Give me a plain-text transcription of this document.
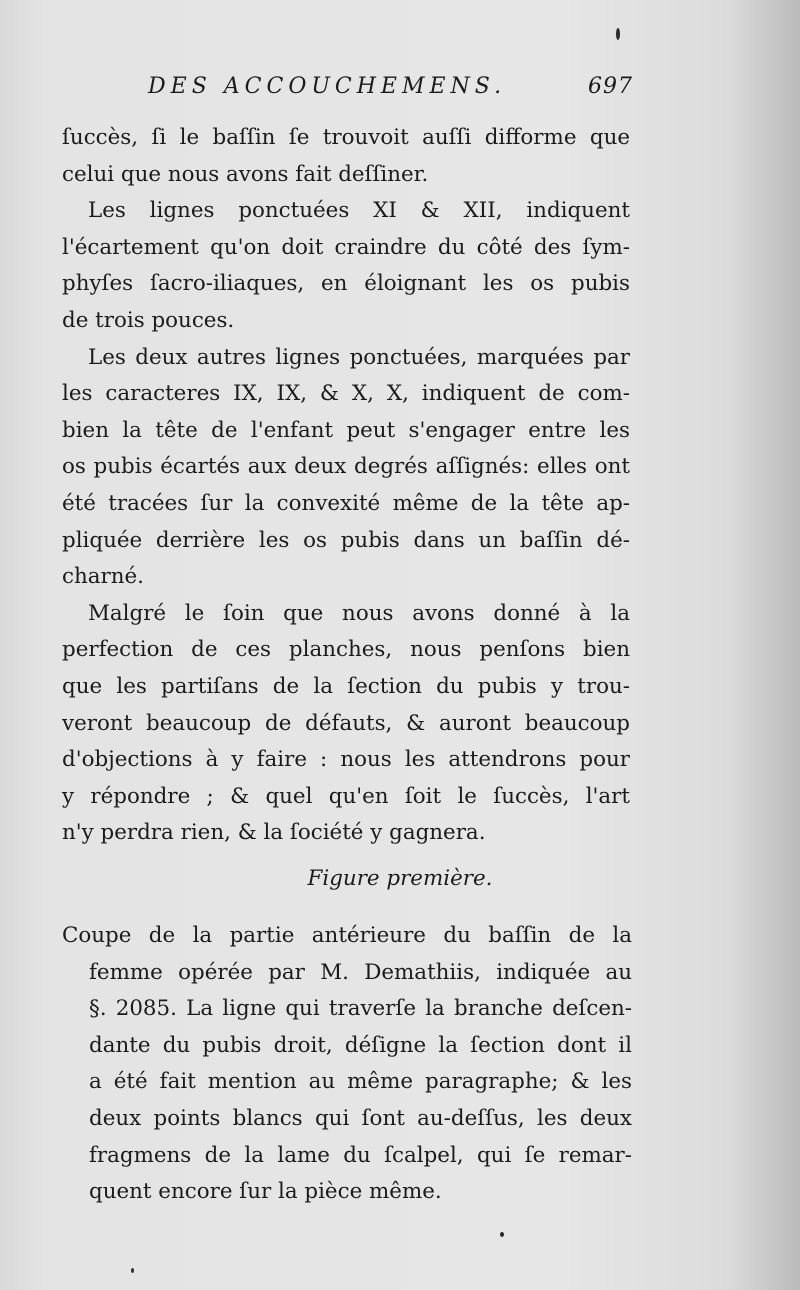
DES ACCOUCHEMENS.	697

ſuccès, ſi le baſſin ſe trouvoit auſſi difforme que
celui que nous avons fait deſſiner.

Les lignes ponctuées XI & XII, indiquent
l'écartement qu'on doit craindre du côté des ſym-
phyſes ſacro-iliaques, en éloignant les os pubis
de trois pouces.

Les deux autres lignes ponctuées, marquées par
les caracteres IX, IX, & X, X, indiquent de com-
bien la tête de l'enfant peut s'engager entre les
os pubis écartés aux deux degrés aſſignés: elles ont
été tracées ſur la convexité même de la tête ap-
pliquée derrière les os pubis dans un baſſin dé-
charné.

Malgré le ſoin que nous avons donné à la
perfection de ces planches, nous penſons bien
que les partiſans de la ſection du pubis y trou-
veront beaucoup de défauts, & auront beaucoup
d'objections à y faire : nous les attendrons pour
y répondre ; & quel qu'en ſoit le ſuccès, l'art
n'y perdra rien, & la ſociété y gagnera.

Figure première.
Coupe de la partie antérieure du baſſin de la
femme opérée par M. Demathiis, indiquée au
§. 2085. La ligne qui traverſe la branche deſcen-
dante du pubis droit, déſigne la ſection dont il
a été fait mention au même paragraphe; & les
deux points blancs qui ſont au-deſſus, les deux
fragmens de la lame du ſcalpel, qui ſe remar-
quent encore ſur la pièce même.
